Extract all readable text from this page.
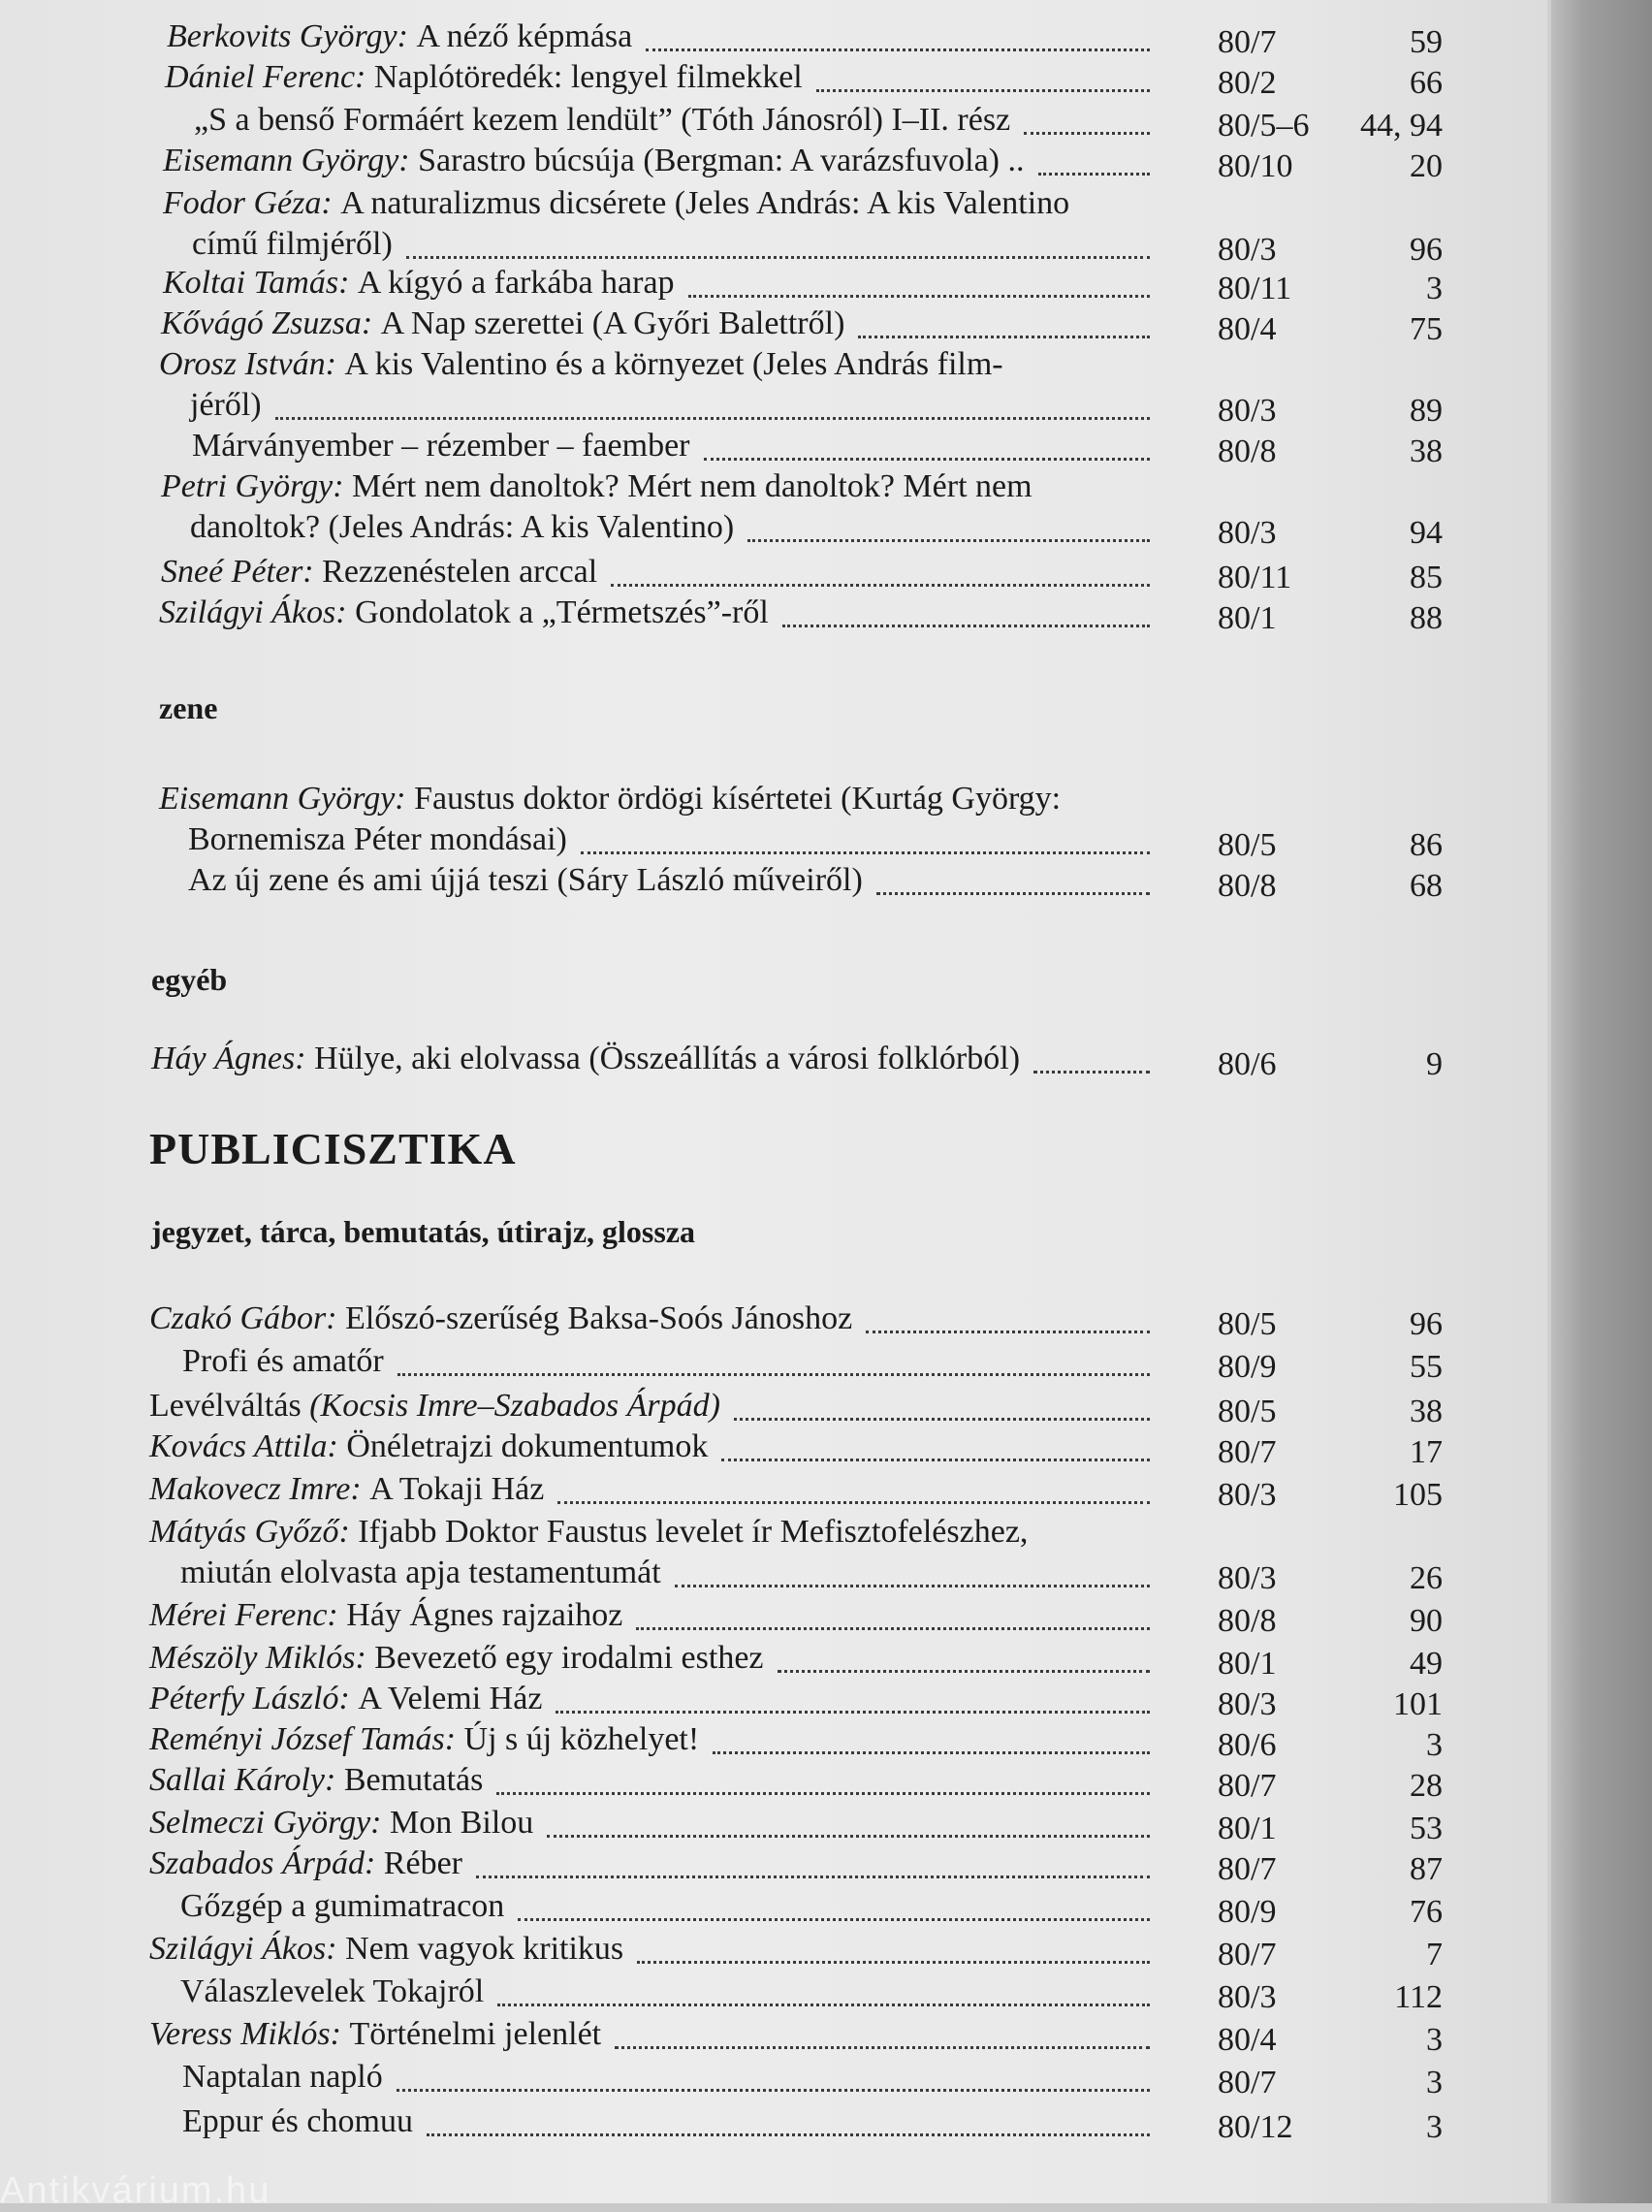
zene
egyéb
PUBLICISZTIKA
jegyzet, tárca, bemutatás, útirajz, glossza
Berkovits György: A néző képmása	80/7	59
Dániel Ferenc: Naplótöredék: lengyel filmekkel	80/2	66
„S a benső Formáért kezem lendült” (Tóth Jánosról) I–II. rész	80/5–6 44, 94
Eisemann György: Sarastro búcsúja (Bergman: A varázsfuvola) ..	80/10	20
Fodor Géza: A naturalizmus dicsérete (Jeles András: A kis Valentino
című filmjéről)	80/3	96
Koltai Tamás: A kígyó a farkába harap	80/11	3
Kővágó Zsuzsa: A Nap szerettei (A Győri Balettről)	80/4	75
Orosz István: A kis Valentino és a környezet (Jeles András film-
jéről)	80/3	89
Márványember – rézember – faember	80/8	38
Petri György: Mért nem danoltok? Mért nem danoltok? Mért nem
danoltok? (Jeles András: A kis Valentino)	80/3	94
Sneé Péter: Rezzenéstelen arccal	80/11	85
Szilágyi Ákos: Gondolatok a „Térmetszés”-ről	80/1	88
Eisemann György: Faustus doktor ördögi kísértetei (Kurtág György:
Bornemisza Péter mondásai)	80/5	86
Az új zene és ami újjá teszi (Sáry László műveiről)	80/8	68
Háy Ágnes: Hülye, aki elolvassa (Összeállítás a városi folklórból)	80/6	9
Czakó Gábor: Előszó-szerűség Baksa-Soós Jánoshoz	80/5	96
Profi és amatőr	80/9	55
Levélváltás (Kocsis Imre–Szabados Árpád)	80/5	38
Kovács Attila: Önéletrajzi dokumentumok	80/7	17
Makovecz Imre: A Tokaji Ház	80/3	105
Mátyás Győző: Ifjabb Doktor Faustus levelet ír Mefisztofelészhez,
miután elolvasta apja testamentumát	80/3	26
Mérei Ferenc: Háy Ágnes rajzaihoz	80/8	90
Mészöly Miklós: Bevezető egy irodalmi esthez	80/1	49
Péterfy László: A Velemi Ház	80/3	101
Reményi József Tamás: Új s új közhelyet!	80/6	3
Sallai Károly: Bemutatás	80/7	28
Selmeczi György: Mon Bilou	80/1	53
Szabados Árpád: Réber	80/7	87
Gőzgép a gumimatracon	80/9	76
Szilágyi Ákos: Nem vagyok kritikus	80/7	7
Válaszlevelek Tokajról	80/3	112
Veress Miklós: Történelmi jelenlét	80/4	3
Naptalan napló	80/7	3
Eppur és chomuu	80/12	3
Antikvárium.hu
